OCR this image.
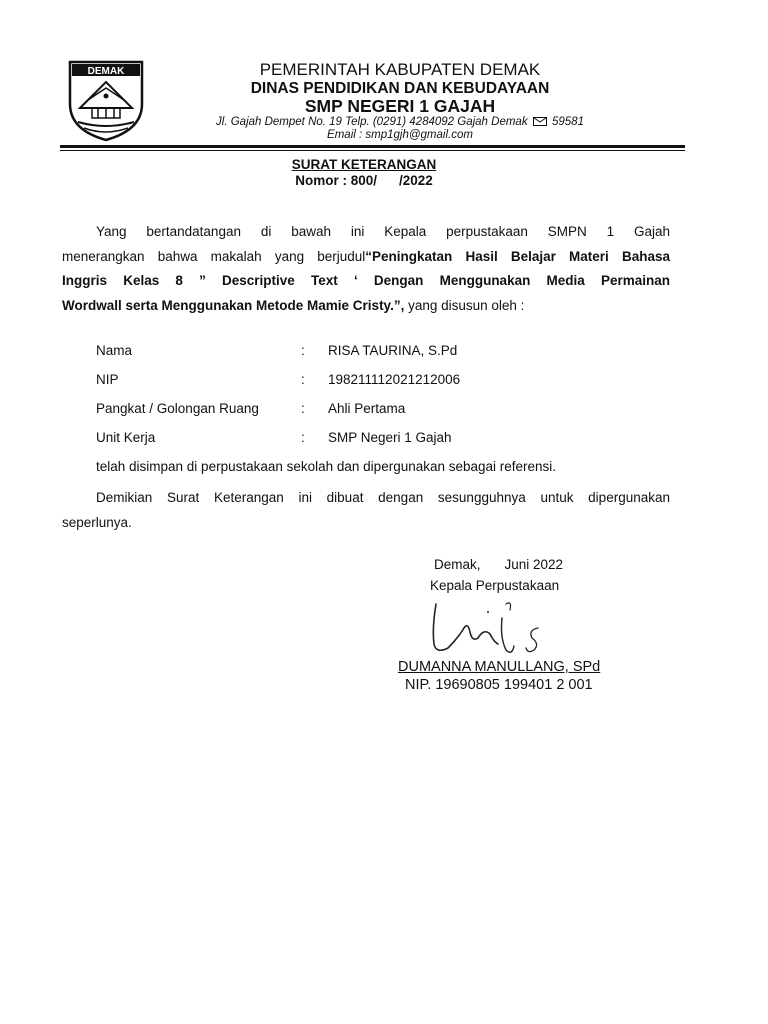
DEMAK	PEMERINTAH KABUPATEN DEMAK
DINAS PENDIDIKAN DAN KEBUDAYAAN
SMP NEGERI 1 GAJAH
Jl. Gajah Dempet No. 19 Telp. (0291) 4284092 Gajah Demak 59581
Email : smp1gjh@gmail.com
SURAT KETERANGAN
Nomor : 800/ /2022
Yang bertandatangan di bawah ini Kepala perpustakaan SMPN 1 Gajah
menerangkan bahwa makalah yang berjudul“Peningkatan Hasil Belajar Materi Bahasa
Inggris Kelas 8 ” Descriptive Text ‘ Dengan Menggunakan Media Permainan
Wordwall serta Menggunakan Metode Mamie Cristy.”, yang disusun oleh :
Nama	: RISA TAURINA, S.Pd
NIP	: 198211112021212006
Pangkat / Golongan Ruang	: Ahli Pertama
Unit Kerja	: SMP Negeri 1 Gajah
telah disimpan di perpustakaan sekolah dan dipergunakan sebagai referensi.
Demikian Surat Keterangan ini dibuat dengan sesungguhnya untuk dipergunakan
seperlunya.
Demak, Juni 2022
Kepala Perpustakaan
DUMANNA MANULLANG, SPd
NIP. 19690805 199401 2 001
